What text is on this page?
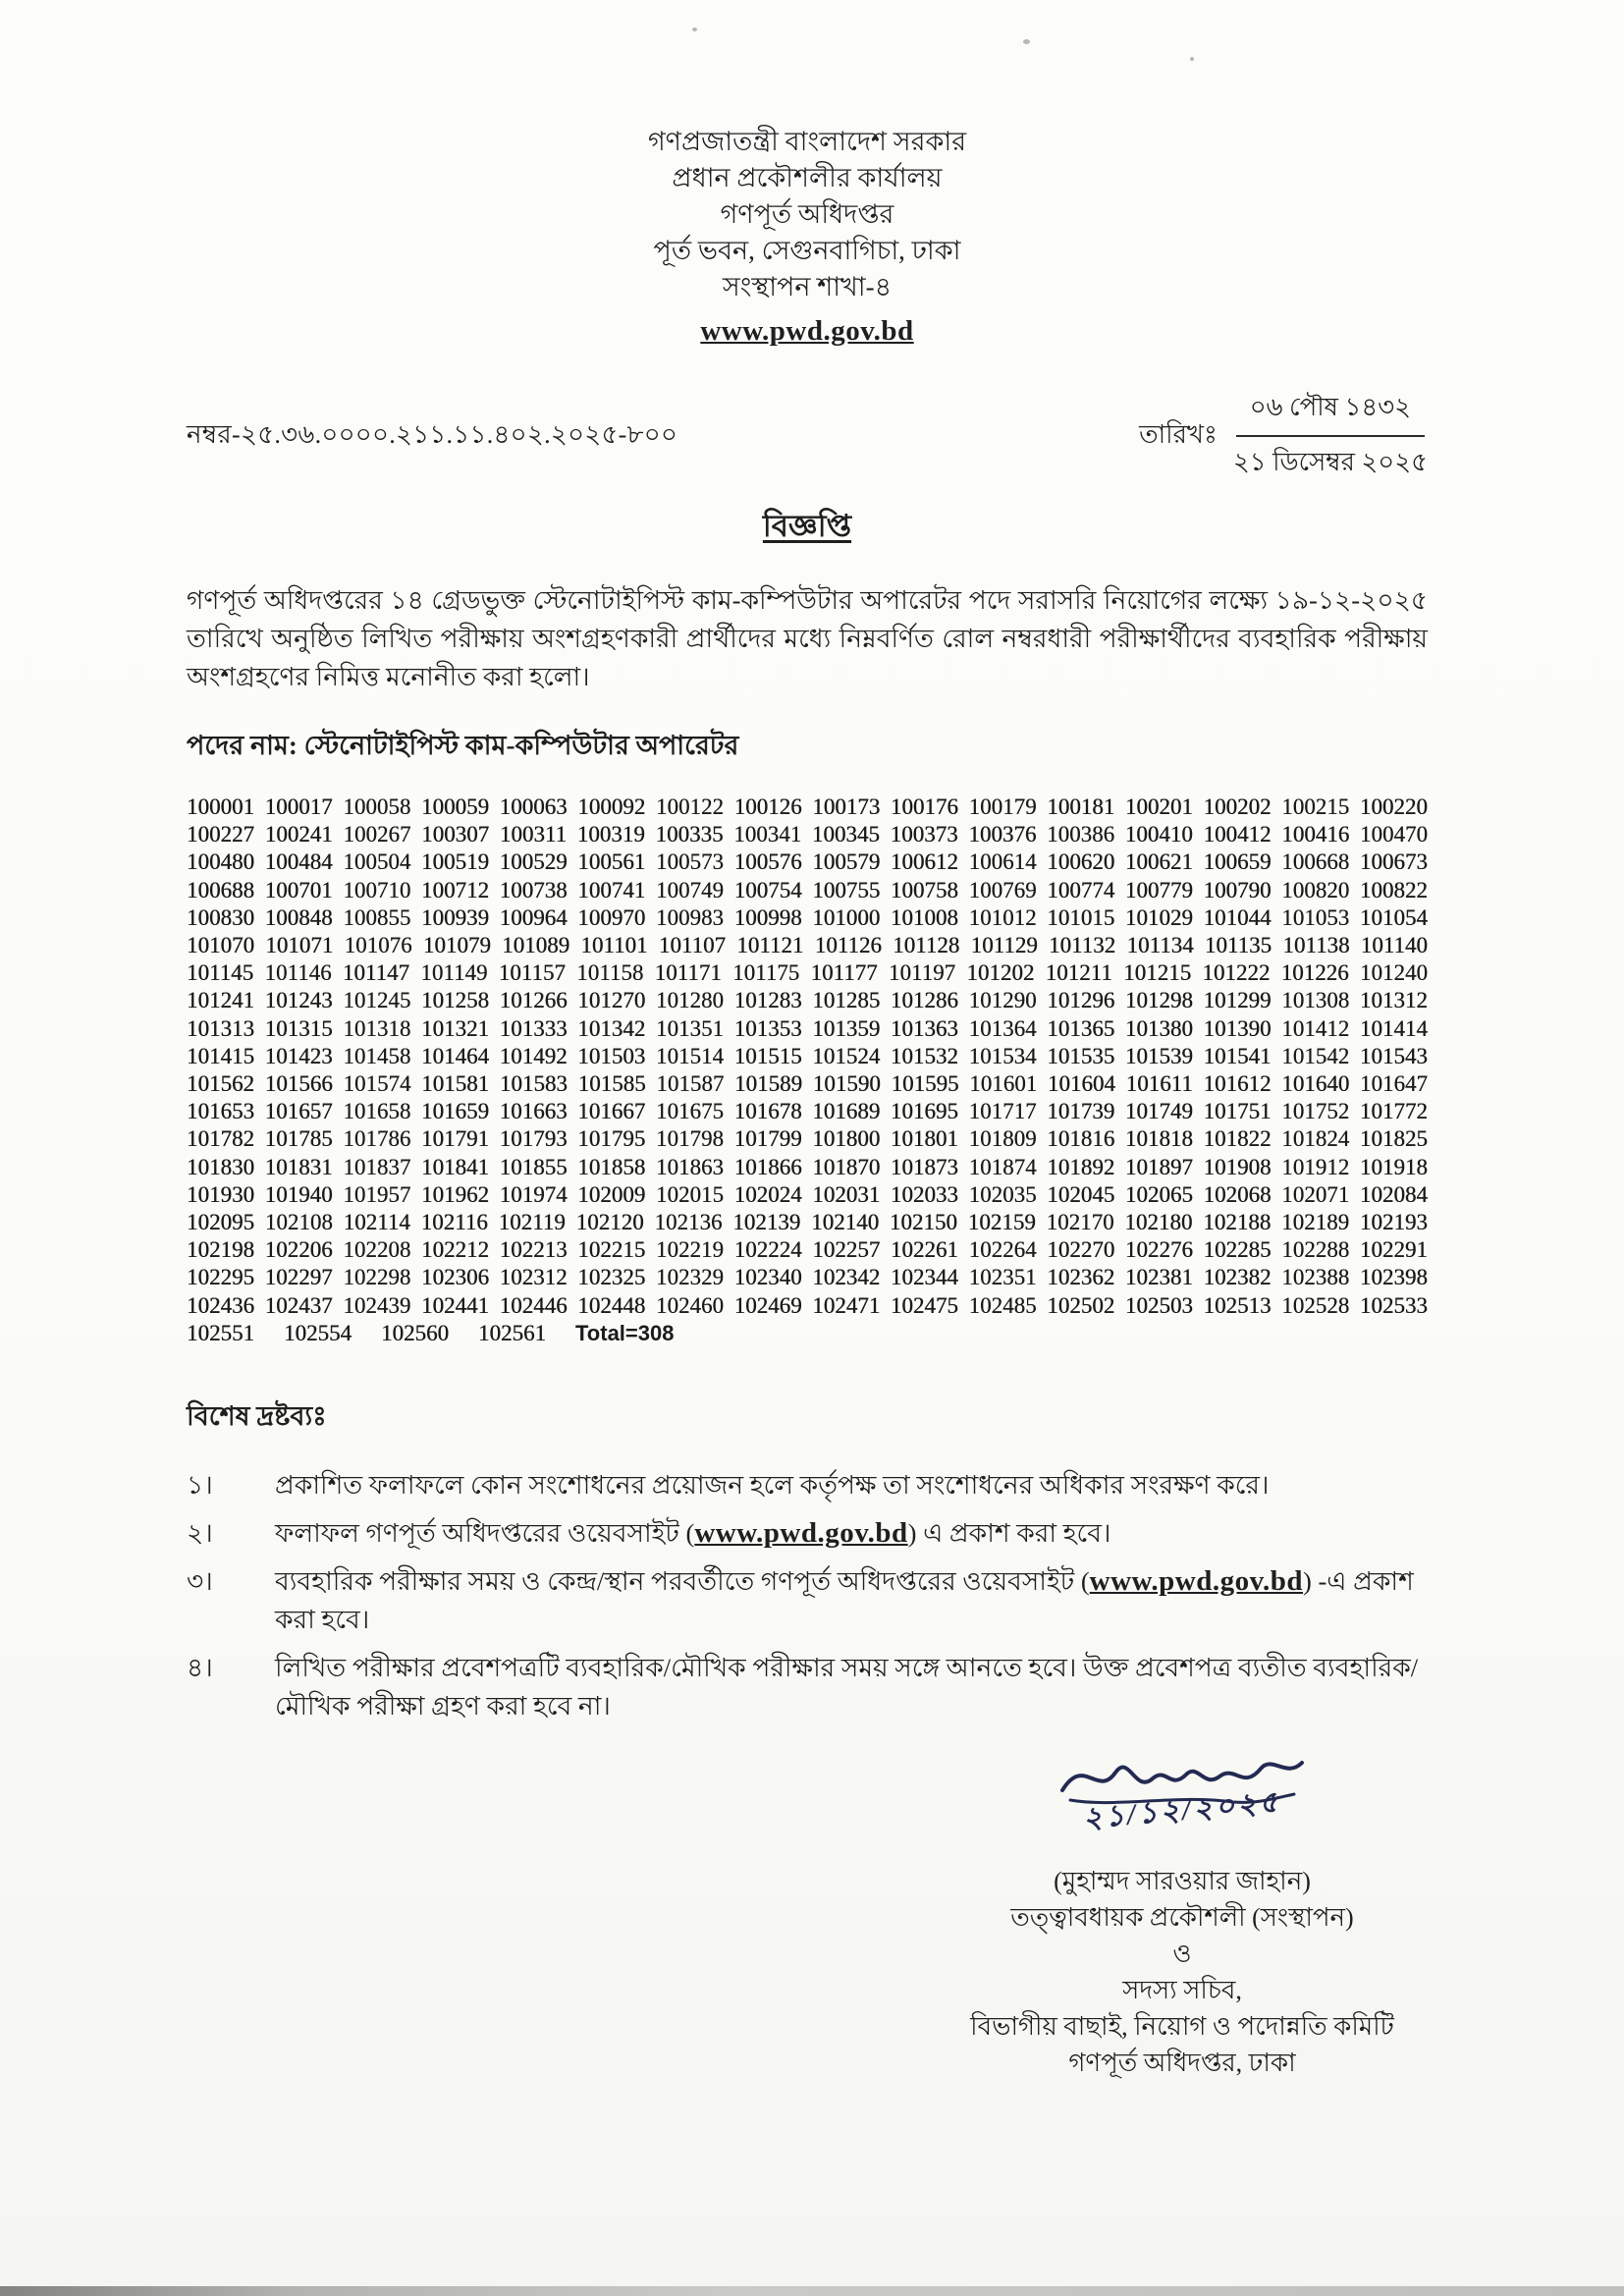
গণপ্রজাতন্ত্রী বাংলাদেশ সরকার
প্রধান প্রকৌশলীর কার্যালয়
গণপূর্ত অধিদপ্তর
পূর্ত ভবন, সেগুনবাগিচা, ঢাকা
সংস্থাপন শাখা-৪
www.pwd.gov.bd
নম্বর-২৫.৩৬.০০০০.২১১.১১.৪০২.২০২৫-৮০০	তারিখঃ
০৬ পৌষ ১৪৩২
২১ ডিসেম্বর ২০২৫
বিজ্ঞপ্তি

গণপূর্ত অধিদপ্তরের ১৪ গ্রেডভুক্ত স্টেনোটাইপিস্ট কাম-কম্পিউটার অপারেটর পদে সরাসরি নিয়োগের লক্ষ্যে ১৯-১২-২০২৫ তারিখে অনুষ্ঠিত লিখিত পরীক্ষায় অংশগ্রহণকারী প্রার্থীদের মধ্যে নিম্নবর্ণিত রোল নম্বরধারী পরীক্ষার্থীদের ব্যবহারিক পরীক্ষায় অংশগ্রহণের নিমিত্ত মনোনীত করা হলো।

পদের নাম: স্টেনোটাইপিস্ট কাম-কম্পিউটার অপারেটর

100001 100017 100058 100059 100063 100092 100122 100126 100173 100176 100179 100181 100201 100202 100215 100220
100227 100241 100267 100307 100311 100319 100335 100341 100345 100373 100376 100386 100410 100412 100416 100470
100480 100484 100504 100519 100529 100561 100573 100576 100579 100612 100614 100620 100621 100659 100668 100673
100688 100701 100710 100712 100738 100741 100749 100754 100755 100758 100769 100774 100779 100790 100820 100822
100830 100848 100855 100939 100964 100970 100983 100998 101000 101008 101012 101015 101029 101044 101053 101054
101070 101071 101076 101079 101089 101101 101107 101121 101126 101128 101129 101132 101134 101135 101138 101140
101145 101146 101147 101149 101157 101158 101171 101175 101177 101197 101202 101211 101215 101222 101226 101240
101241 101243 101245 101258 101266 101270 101280 101283 101285 101286 101290 101296 101298 101299 101308 101312
101313 101315 101318 101321 101333 101342 101351 101353 101359 101363 101364 101365 101380 101390 101412 101414
101415 101423 101458 101464 101492 101503 101514 101515 101524 101532 101534 101535 101539 101541 101542 101543
101562 101566 101574 101581 101583 101585 101587 101589 101590 101595 101601 101604 101611 101612 101640 101647
101653 101657 101658 101659 101663 101667 101675 101678 101689 101695 101717 101739 101749 101751 101752 101772
101782 101785 101786 101791 101793 101795 101798 101799 101800 101801 101809 101816 101818 101822 101824 101825
101830 101831 101837 101841 101855 101858 101863 101866 101870 101873 101874 101892 101897 101908 101912 101918
101930 101940 101957 101962 101974 102009 102015 102024 102031 102033 102035 102045 102065 102068 102071 102084
102095 102108 102114 102116 102119 102120 102136 102139 102140 102150 102159 102170 102180 102188 102189 102193
102198 102206 102208 102212 102213 102215 102219 102224 102257 102261 102264 102270 102276 102285 102288 102291
102295 102297 102298 102306 102312 102325 102329 102340 102342 102344 102351 102362 102381 102382 102388 102398
102436 102437 102439 102441 102446 102448 102460 102469 102471 102475 102485 102502 102503 102513 102528 102533
102551 102554 102560 102561 Total=308
বিশেষ দ্রষ্টব্যঃ
১।	প্রকাশিত ফলাফলে কোন সংশোধনের প্রয়োজন হলে কর্তৃপক্ষ তা সংশোধনের অধিকার সংরক্ষণ করে।
২।	ফলাফল গণপূর্ত অধিদপ্তরের ওয়েবসাইট (www.pwd.gov.bd) এ প্রকাশ করা হবে।
৩।	ব্যবহারিক পরীক্ষার সময় ও কেন্দ্র/স্থান পরবর্তীতে গণপূর্ত অধিদপ্তরের ওয়েবসাইট (www.pwd.gov.bd) -এ প্রকাশ করা হবে।
৪।	লিখিত পরীক্ষার প্রবেশপত্রটি ব্যবহারিক/মৌখিক পরীক্ষার সময় সঙ্গে আনতে হবে। উক্ত প্রবেশপত্র ব্যতীত ব্যবহারিক/মৌখিক পরীক্ষা গ্রহণ করা হবে না।
২১/১২/২০২৫
(মুহাম্মদ সারওয়ার জাহান)
তত্ত্বাবধায়ক প্রকৌশলী (সংস্থাপন)
ও
সদস্য সচিব,
বিভাগীয় বাছাই, নিয়োগ ও পদোন্নতি কমিটি
গণপূর্ত অধিদপ্তর, ঢাকা
